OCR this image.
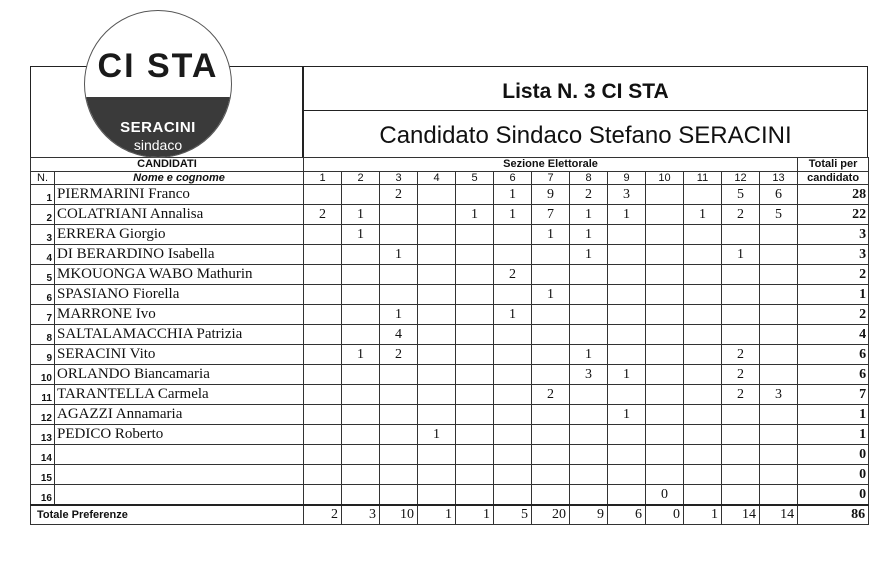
CI STA
SERACINI
sindaco
Lista N. 3 CI STA
Candidato Sindaco Stefano SERACINI
CANDIDATI		Sezione Elettorale													Totali per
N.	Nome e cognome	1	2	3	4	5	6	7	8	9	10	11	12	13	candidato
1	PIERMARINI Franco			2			1	9	2	3			5	6	28
2	COLATRIANI Annalisa	2	1			1	1	7	1	1		1	2	5	22
3	ERRERA Giorgio		1					1	1						3
4	DI BERARDINO Isabella			1					1				1		3
5	MKOUONGA WABO Mathurin						2								2
6	SPASIANO Fiorella							1							1
7	MARRONE Ivo			1			1								2
8	SALTALAMACCHIA Patrizia			4											4
9	SERACINI Vito		1	2					1				2		6
10	ORLANDO Biancamaria								3	1			2		6
11	TARANTELLA Carmela							2					2	3	7
12	AGAZZI Annamaria									1					1
13	PEDICO Roberto				1										1
14															0
15															0
16											0				0
Totale Preferenze		2	3	10	1	1	5	20	9	6	0	1	14	14	86
